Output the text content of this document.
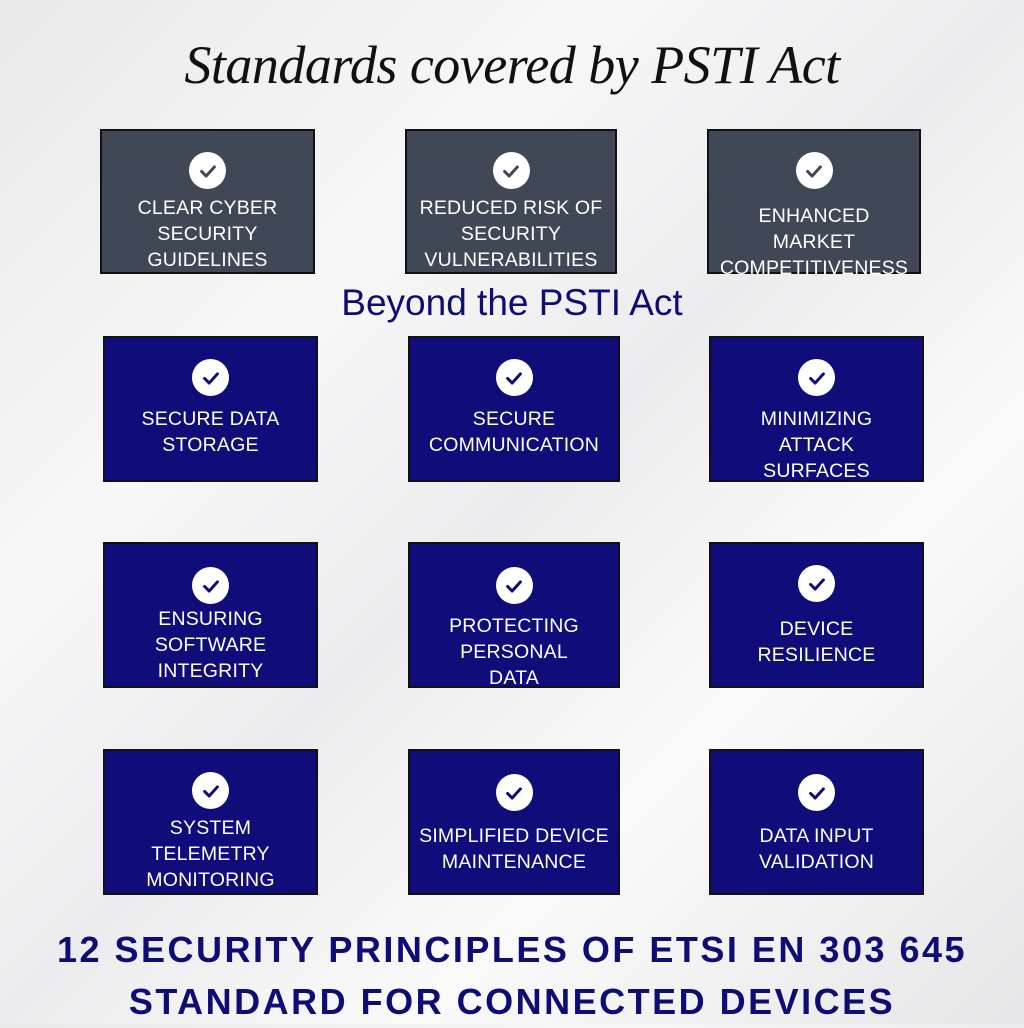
Standards covered by PSTI Act
CLEAR CYBER
SECURITY
GUIDELINES
REDUCED RISK OF
SECURITY
VULNERABILITIES
ENHANCED
MARKET
COMPETITIVENESS
Beyond the PSTI Act
SECURE DATA
STORAGE
SECURE
COMMUNICATION
MINIMIZING
ATTACK
SURFACES
ENSURING
SOFTWARE
INTEGRITY
PROTECTING
PERSONAL
DATA
DEVICE
RESILIENCE
SYSTEM
TELEMETRY
MONITORING
SIMPLIFIED DEVICE
MAINTENANCE
DATA INPUT
VALIDATION
12 SECURITY PRINCIPLES OF ETSI EN 303 645
STANDARD FOR CONNECTED DEVICES
